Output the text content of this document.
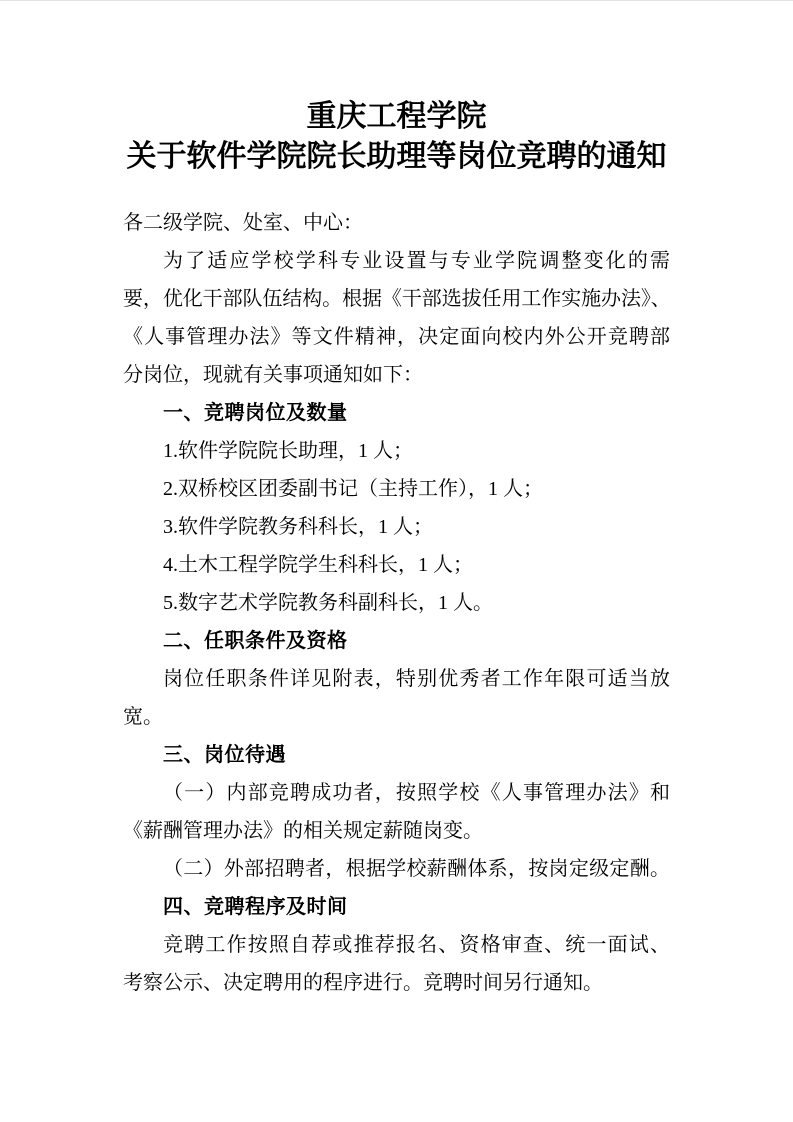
重庆工程学院
关于软件学院院长助理等岗位竞聘的通知
各二级学院、处室、中心：
为了适应学校学科专业设置与专业学院调整变化的需
要，优化干部队伍结构。根据《干部选拔任用工作实施办法》、
《人事管理办法》等文件精神，决定面向校内外公开竞聘部
分岗位，现就有关事项通知如下：
一、竞聘岗位及数量
1.软件学院院长助理，1 人；
2.双桥校区团委副书记（主持工作），1 人；
3.软件学院教务科科长，1 人；
4.土木工程学院学生科科长，1 人；
5.数字艺术学院教务科副科长，1 人。
二、任职条件及资格
岗位任职条件详见附表，特别优秀者工作年限可适当放
宽。
三、岗位待遇
（一）内部竞聘成功者，按照学校《人事管理办法》和
《薪酬管理办法》的相关规定薪随岗变。
（二）外部招聘者，根据学校薪酬体系，按岗定级定酬。
四、竞聘程序及时间
竞聘工作按照自荐或推荐报名、资格审查、统一面试、
考察公示、决定聘用的程序进行。竞聘时间另行通知。
